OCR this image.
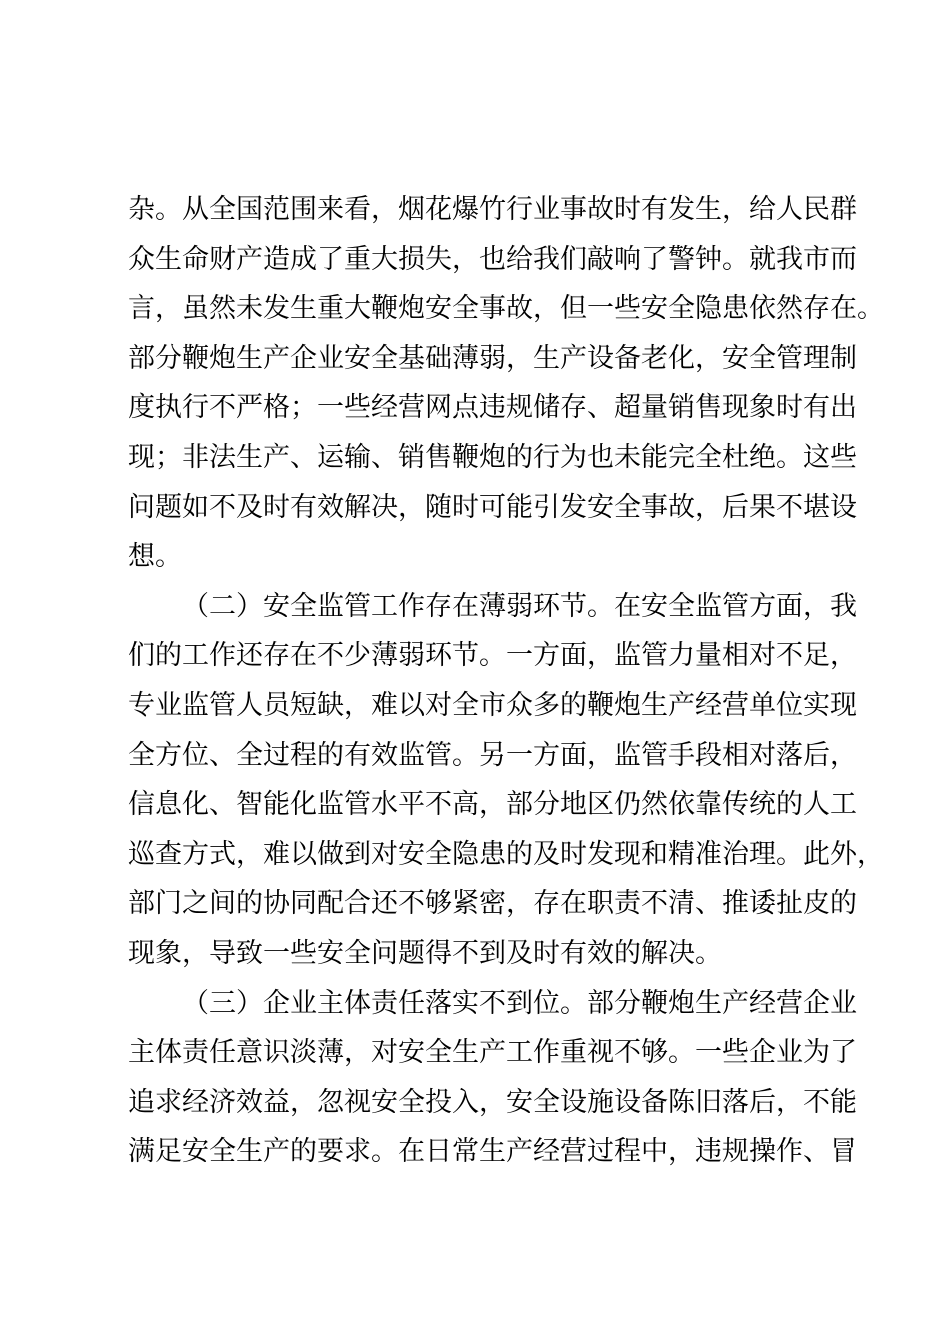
杂。从全国范围来看，烟花爆竹行业事故时有发生，给人民群
众生命财产造成了重大损失，也给我们敲响了警钟。就我市而
言，虽然未发生重大鞭炮安全事故，但一些安全隐患依然存在。
部分鞭炮生产企业安全基础薄弱，生产设备老化，安全管理制
度执行不严格；一些经营网点违规储存、超量销售现象时有出
现；非法生产、运输、销售鞭炮的行为也未能完全杜绝。这些
问题如不及时有效解决，随时可能引发安全事故，后果不堪设
想。
（二）安全监管工作存在薄弱环节。在安全监管方面，我
们的工作还存在不少薄弱环节。一方面，监管力量相对不足，
专业监管人员短缺，难以对全市众多的鞭炮生产经营单位实现
全方位、全过程的有效监管。另一方面，监管手段相对落后，
信息化、智能化监管水平不高，部分地区仍然依靠传统的人工
巡查方式，难以做到对安全隐患的及时发现和精准治理。此外，
部门之间的协同配合还不够紧密，存在职责不清、推诿扯皮的
现象，导致一些安全问题得不到及时有效的解决。
（三）企业主体责任落实不到位。部分鞭炮生产经营企业
主体责任意识淡薄，对安全生产工作重视不够。一些企业为了
追求经济效益，忽视安全投入，安全设施设备陈旧落后，不能
满足安全生产的要求。在日常生产经营过程中，违规操作、冒
